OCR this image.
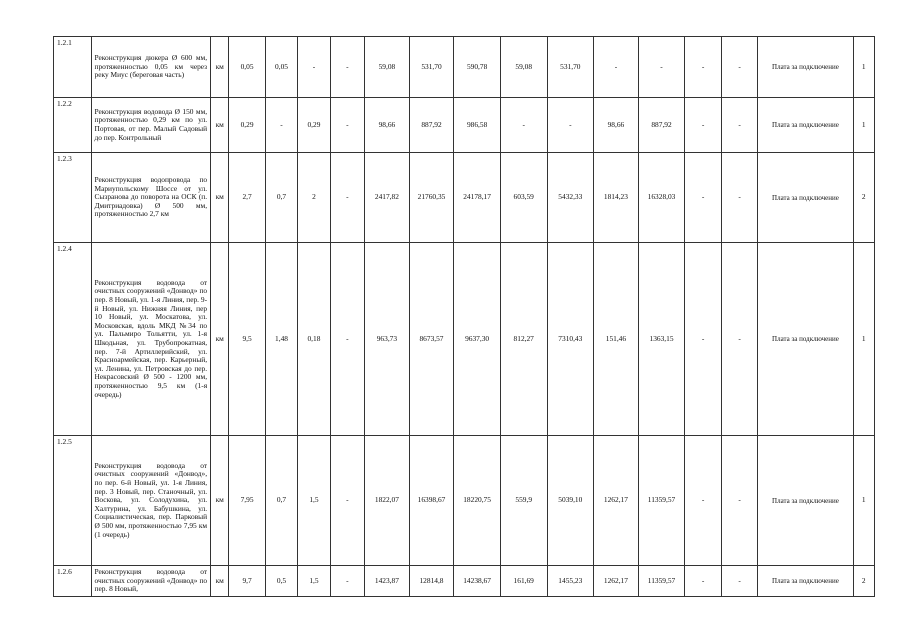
1.2.1	Реконструкция дюкера Ø 600 мм, протяженностью 0,05 км через реку Миус (береговая часть)	км	0,05	0,05	-	-	59,08	531,70	590,78	59,08	531,70	-	-	-	-	Плата за подключение	1
1.2.2	Реконструкция водовода Ø 150 мм, протяженностью 0,29 км по ул. Портовая, от пер. Малый Садовый до пер. Контрольный	км	0,29	-	0,29	-	98,66	887,92	986,58	-	-	98,66	887,92	-	-	Плата за подключение	1
1.2.3	Реконструкция водопровода по Мариупольскому Шоссе от ул. Сызранова до поворота на ОСК (п. Дмитриадовка) Ø 500 мм, протяженностью 2,7 км	км	2,7	0,7	2	-	2417,82	21760,35	24178,17	603,59	5432,33	1814,23	16328,03	-	-	Плата за подключение	2
1.2.4	Реконструкция водовода от очистных сооружений «Донвод» по пер. 8 Новый, ул. 1-я Линия, пер. 9-й Новый, ул. Нижняя Линия, пер 10 Новый, ул. Москатова, ул. Московская, вдоль МКД №34 по ул. Пальмиро Тольятти, ул. 1-я Шкодьная, ул. Трубопрокатная, пер. 7-й Артиллерийский, ул. Красноармейская, пер. Карьерный, ул. Ленина, ул. Петровская до пер. Некрасовский Ø 500 - 1200 мм, протяженностью 9,5 км (1-я очередь)	км	9,5	1,48	0,18	-	963,73	8673,57	9637,30	812,27	7310,43	151,46	1363,15	-	-	Плата за подключение	1
1.2.5	Реконструкция водовода от очистных сооружений «Донвод», по пер. 6-й Новый, ул. 1-я Линия, пер. 3 Новый, пер. Станочный, ул. Воскова, ул. Солодухина, ул. Халтурина, ул. Бабушкина, ул. Социалистическая, пер. Парковый Ø 500 мм, протяженностью 7,95 км (1 очередь)	км	7,95	0,7	1,5	-	1822,07	16398,67	18220,75	559,9	5039,10	1262,17	11359,57	-	-	Плата за подключение	1
1.2.6	Реконструкция водовода от очистных сооружений «Донвод» по пер. 8 Новый,	км	9,7	0,5	1,5	-	1423,87	12814,8	14238,67	161,69	1455,23	1262,17	11359,57	-	-	Плата за подключение	2
